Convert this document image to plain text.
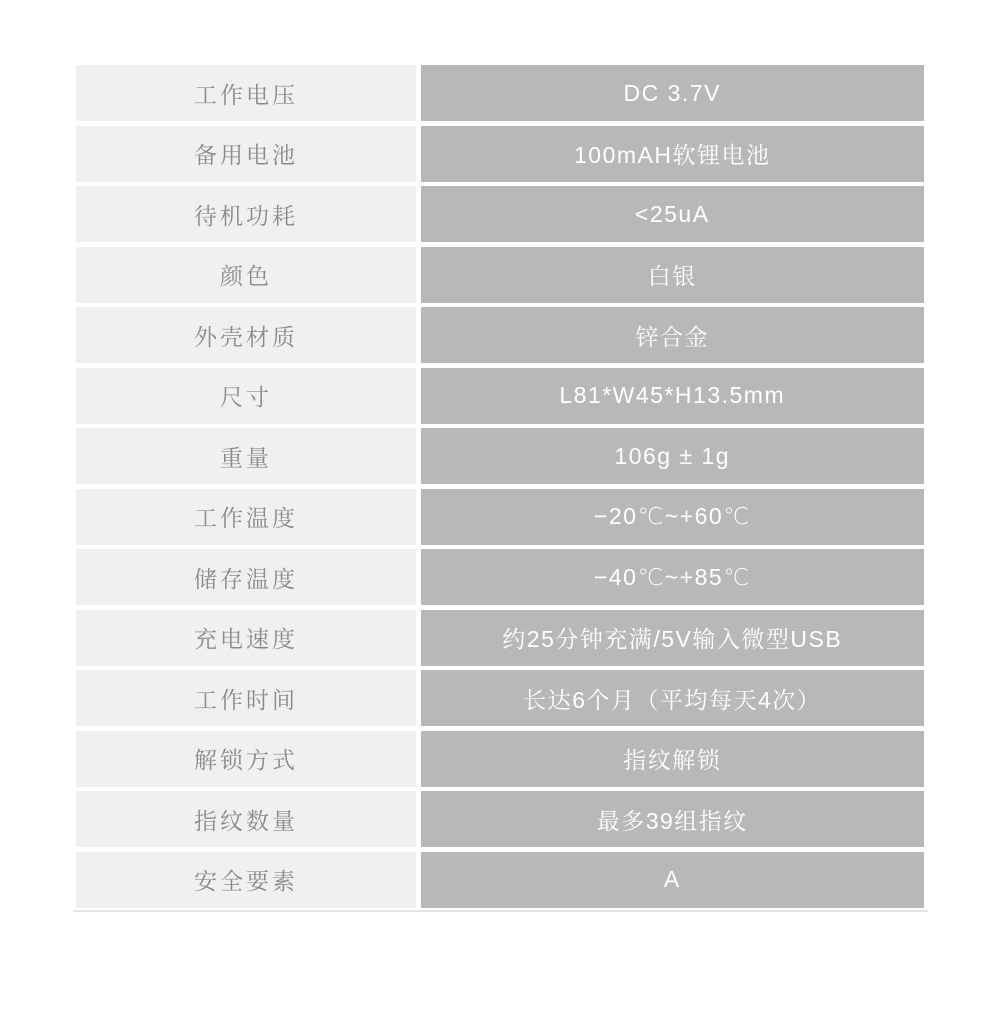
工作电压	DC 3.7V
备用电池	100mAH软锂电池
待机功耗	<25uA
颜色	白银
外壳材质	锌合金
尺寸	L81*W45*H13.5mm
重量	106g ± 1g
工作温度	−20℃~+60℃
储存温度	−40℃~+85℃
充电速度	约25分钟充满/5V输入微型USB
工作时间	长达6个月（平均每天4次）
解锁方式	指纹解锁
指纹数量	最多39组指纹
安全要素	A
